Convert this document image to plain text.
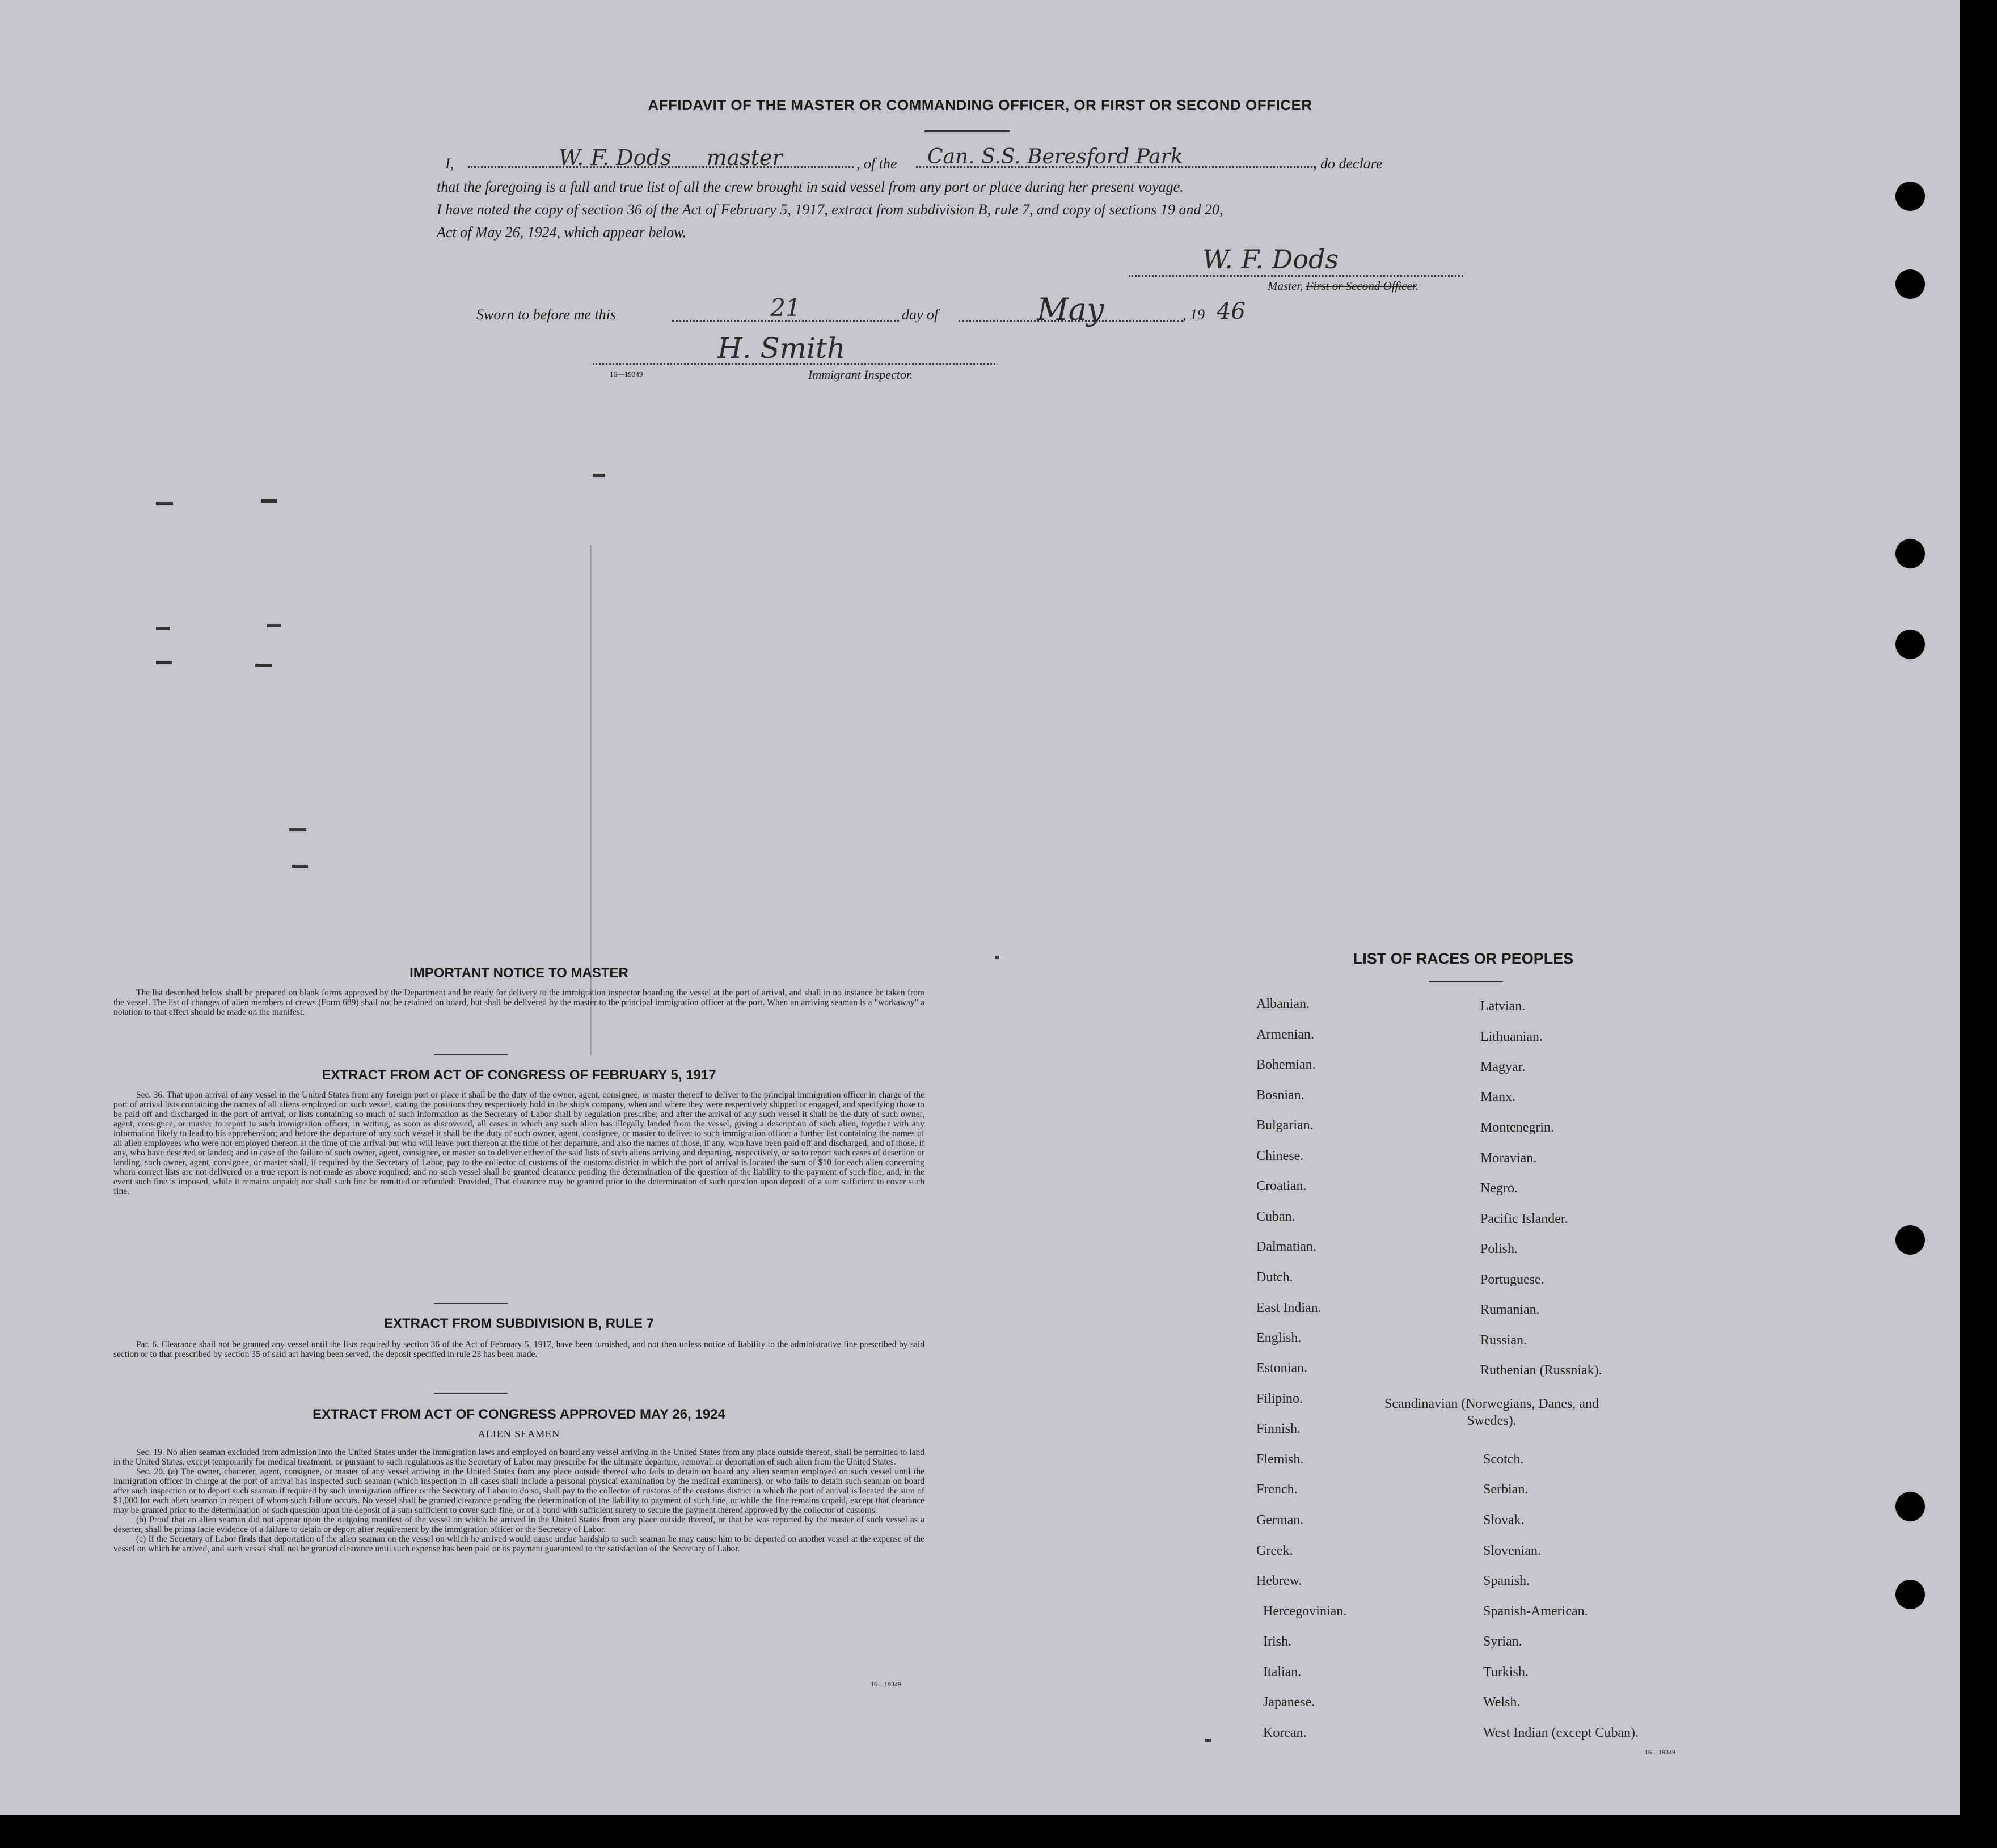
AFFIDAVIT OF THE MASTER OR COMMANDING OFFICER, OR FIRST OR SECOND OFFICER
I,	W. F. Dods master	, of the	Can. S.S. Beresford Park	, do declare
that the foregoing is a full and true list of all the crew brought in said vessel from any port or place during her present voyage.
I have noted the copy of section 36 of the Act of February 5, 1917, extract from subdivision B, rule 7, and copy of sections 19 and 20,
Act of May 26, 1924, which appear below.
W. F. Dods
Master, First or Second Officer.
Sworn to before me this	21	day of	May	, 19 46
H. Smith
16—19349	Immigrant Inspector.
IMPORTANT NOTICE TO MASTER
The list described below shall be prepared on blank forms approved by the Department and be ready for delivery to the immigration inspector boarding the vessel at the port of arrival, and shall in no instance be taken from the vessel. The list of changes of alien members of crews (Form 689) shall not be retained on board, but shall be delivered by the master to the principal immigration officer at the port. When an arriving seaman is a "workaway" a notation to that effect should be made on the manifest.
EXTRACT FROM ACT OF CONGRESS OF FEBRUARY 5, 1917
Sec. 36. That upon arrival of any vessel in the United States from any foreign port or place it shall be the duty of the owner, agent, consignee, or master thereof to deliver to the principal immigration officer in charge of the port of arrival lists containing the names of all aliens employed on such vessel, stating the positions they respectively hold in the ship's company, when and where they were respectively shipped or engaged, and specifying those to be paid off and discharged in the port of arrival; or lists containing so much of such information as the Secretary of Labor shall by regulation prescribe; and after the arrival of any such vessel it shall be the duty of such owner, agent, consignee, or master to report to such immigration officer, in writing, as soon as discovered, all cases in which any such alien has illegally landed from the vessel, giving a description of such alien, together with any information likely to lead to his apprehension; and before the departure of any such vessel it shall be the duty of such owner, agent, consignee, or master to deliver to such immigration officer a further list containing the names of all alien employees who were not employed thereon at the time of the arrival but who will leave port thereon at the time of her departure, and also the names of those, if any, who have been paid off and discharged, and of those, if any, who have deserted or landed; and in case of the failure of such owner, agent, consignee, or master so to deliver either of the said lists of such aliens arriving and departing, respectively, or so to report such cases of desertion or landing, such owner, agent, consignee, or master shall, if required by the Secretary of Labor, pay to the collector of customs of the customs district in which the port of arrival is located the sum of $10 for each alien concerning whom correct lists are not delivered or a true report is not made as above required; and no such vessel shall be granted clearance pending the determination of the question of the liability to the payment of such fine, and, in the event such fine is imposed, while it remains unpaid; nor shall such fine be remitted or refunded: Provided, That clearance may be granted prior to the determination of such question upon deposit of a sum sufficient to cover such fine.
EXTRACT FROM SUBDIVISION B, RULE 7
Par. 6. Clearance shall not be granted any vessel until the lists required by section 36 of the Act of February 5, 1917, have been furnished, and not then unless notice of liability to the administrative fine prescribed by said section or to that prescribed by section 35 of said act having been served, the deposit specified in rule 23 has been made.
EXTRACT FROM ACT OF CONGRESS APPROVED MAY 26, 1924
ALIEN SEAMEN
Sec. 19. No alien seaman excluded from admission into the United States under the immigration laws and employed on board any vessel arriving in the United States from any place outside thereof, shall be permitted to land in the United States, except temporarily for medical treatment, or pursuant to such regulations as the Secretary of Labor may prescribe for the ultimate departure, removal, or deportation of such alien from the United States.
Sec. 20. (a) The owner, charterer, agent, consignee, or master of any vessel arriving in the United States from any place outside thereof who fails to detain on board any alien seaman employed on such vessel until the immigration officer in charge at the port of arrival has inspected such seaman (which inspection in all cases shall include a personal physical examination by the medical examiners), or who fails to detain such seaman on board after such inspection or to deport such seaman if required by such immigration officer or the Secretary of Labor to do so, shall pay to the collector of customs of the customs district in which the port of arrival is located the sum of $1,000 for each alien seaman in respect of whom such failure occurs. No vessel shall be granted clearance pending the determination of the liability to payment of such fine, or while the fine remains unpaid, except that clearance may be granted prior to the determination of such question upon the deposit of a sum sufficient to cover such fine, or of a bond with sufficient surety to secure the payment thereof approved by the collector of customs.
(b) Proof that an alien seaman did not appear upon the outgoing manifest of the vessel on which he arrived in the United States from any place outside thereof, or that he was reported by the master of such vessel as a deserter, shall be prima facie evidence of a failure to detain or deport after requirement by the immigration officer or the Secretary of Labor.
(c) If the Secretary of Labor finds that deportation of the alien seaman on the vessel on which he arrived would cause undue hardship to such seaman he may cause him to be deported on another vessel at the expense of the vessel on which he arrived, and such vessel shall not be granted clearance until such expense has been paid or its payment guaranteed to the satisfaction of the Secretary of Labor.
16—19349
LIST OF RACES OR PEOPLES
Albanian.
Armenian.
Bohemian.
Bosnian.
Bulgarian.
Chinese.
Croatian.
Cuban.
Dalmatian.
Dutch.
East Indian.
English.
Estonian.
Filipino.
Finnish.
Flemish.
French.
German.
Greek.
Hebrew.
Hercegovinian.
Irish.
Italian.
Japanese.
Korean.
Latvian.
Lithuanian.
Magyar.
Manx.
Montenegrin.
Moravian.
Negro.
Pacific Islander.
Polish.
Portuguese.
Rumanian.
Russian.
Ruthenian (Russniak).
Scandinavian (Norwegians, Danes, and Swedes).
Scotch.
Serbian.
Slovak.
Slovenian.
Spanish.
Spanish-American.
Syrian.
Turkish.
Welsh.
West Indian (except Cuban).
16—19349
